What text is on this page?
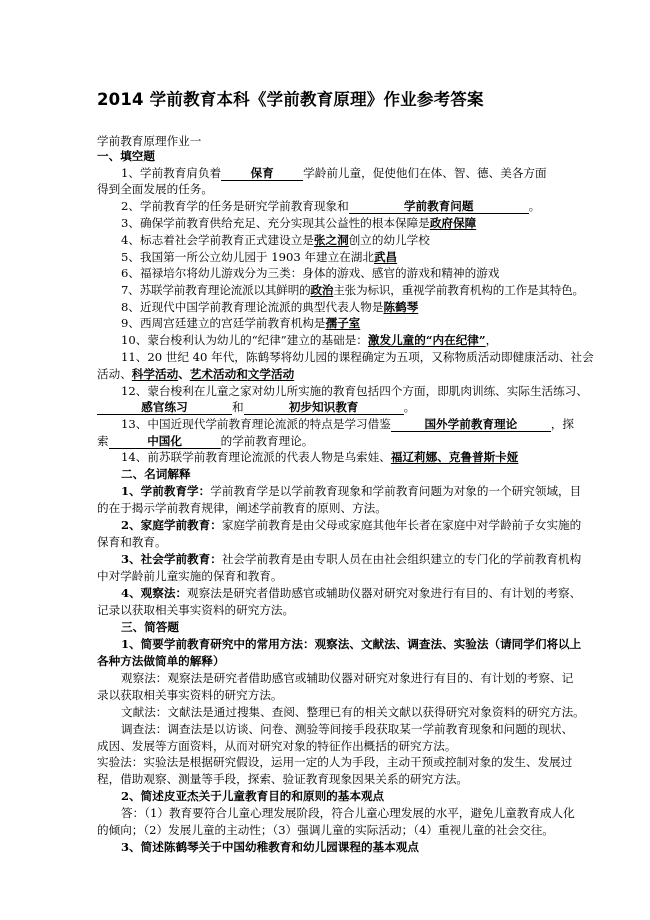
2014 学前教育本科《学前教育原理》作业参考答案
学前教育原理作业一
一、填空题
1、学前教育肩负着	保育	学龄前儿童，促使他们在体、智、德、美各方面
得到全面发展的任务。
2、学前教育学的任务是研究学前教育现象和	学前教育问题	。
3、确保学前教育供给充足、充分实现其公益性的根本保障是政府保障
4、标志着社会学前教育正式建设立是张之洞创立的幼儿学校
5、我国第一所公立幼儿园于 1903 年建立在湖北武昌
6、福禄培尔将幼儿游戏分为三类：身体的游戏、感官的游戏和精神的游戏
7、苏联学前教育理论流派以其鲜明的政治主张为标识，重视学前教育机构的工作是其特色。
8、近现代中国学前教育理论流派的典型代表人物是陈鹤琴
9、西周宫廷建立的宫廷学前教育机构是孺子室
10、蒙台梭利认为幼儿的“纪律”建立的基础是：激发儿童的“内在纪律”，
11、20 世纪 40 年代，陈鹤琴将幼儿园的课程确定为五项，又称物质活动即健康活动、社会
活动、科学活动、艺术活动和文学活动
12、蒙台梭利在儿童之家对幼儿所实施的教育包括四个方面，即肌肉训练、实际生活练习、
感官练习	和	初步知识教育	。
13、中国近现代学前教育理论流派的特点是学习借鉴	国外学前教育理论	，探
索	中国化	的学前教育理论。
14、前苏联学前教育理论流派的代表人物是乌索娃、福辽莉娜、克鲁普斯卡娅
二、名词解释
1、学前教育学：学前教育学是以学前教育现象和学前教育问题为对象的一个研究领域，目
的在于揭示学前教育规律，阐述学前教育的原则、方法。
2、家庭学前教育：家庭学前教育是由父母或家庭其他年长者在家庭中对学龄前子女实施的
保育和教育。
3、社会学前教育：社会学前教育是由专职人员在由社会组织建立的专门化的学前教育机构
中对学龄前儿童实施的保育和教育。
4、观察法：观察法是研究者借助感官或辅助仪器对研究对象进行有目的、有计划的考察、
记录以获取相关事实资料的研究方法。
三、简答题
1、简要学前教育研究中的常用方法：观察法、文献法、调查法、实验法（请同学们将以上
各种方法做简单的解释）
观察法：观察法是研究者借助感官或辅助仪器对研究对象进行有目的、有计划的考察、记
录以获取相关事实资料的研究方法。
文献法：文献法是通过搜集、查阅、整理已有的相关文献以获得研究对象资料的研究方法。
调查法：调查法是以访谈、问卷、测验等间接手段获取某一学前教育现象和问题的现状、
成因、发展等方面资料，从而对研究对象的特征作出概括的研究方法。
实验法：实验法是根据研究假设，运用一定的人为手段，主动干预或控制对象的发生、发展过
程，借助观察、测量等手段，探索、验证教育现象因果关系的研究方法。
2、简述皮亚杰关于儿童教育目的和原则的基本观点
答：（1）教育要符合儿童心理发展阶段，符合儿童心理发展的水平，避免儿童教育成人化
的倾向；（2）发展儿童的主动性；（3）强调儿童的实际活动；（4）重视儿童的社会交往。
3、简述陈鹤琴关于中国幼稚教育和幼儿园课程的基本观点
